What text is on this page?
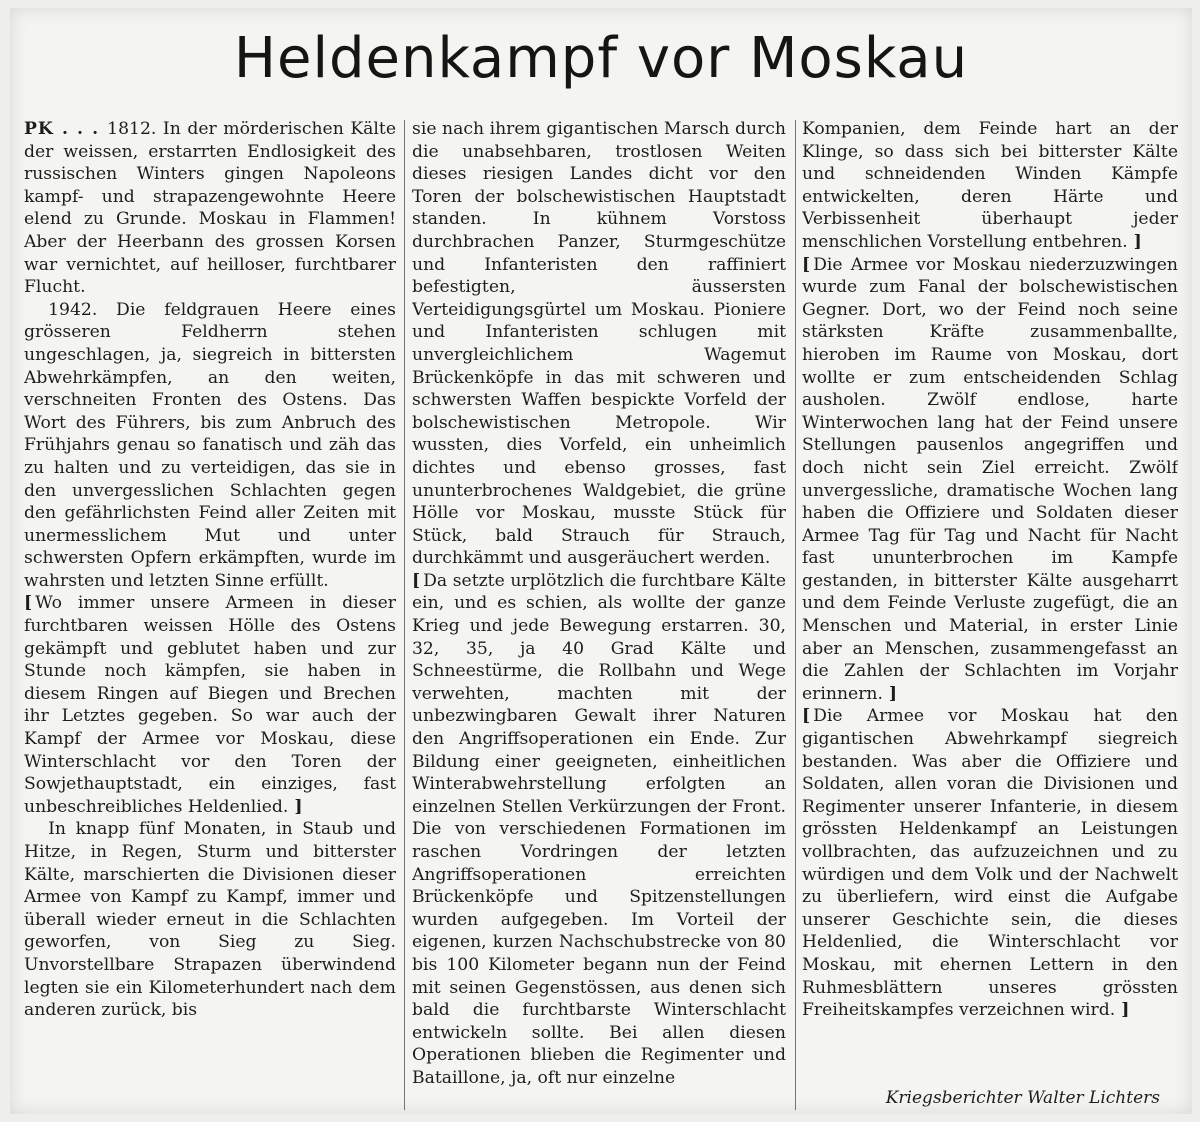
Heldenkampf vor Moskau

PK . . . 1812. In der mörderischen Kälte der weissen, erstarrten Endlosigkeit des russischen Winters gingen Napoleons kampf- und strapazengewohnte Heere elend zu Grunde. Moskau in Flammen! Aber der Heerbann des grossen Korsen war vernichtet, auf heilloser, furchtbarer Flucht.

1942. Die feldgrauen Heere eines grösseren Feldherrn stehen ungeschlagen, ja, siegreich in bittersten Abwehrkämpfen, an den weiten, verschneiten Fronten des Ostens. Das Wort des Führers, bis zum Anbruch des Frühjahrs genau so fanatisch und zäh das zu halten und zu verteidigen, das sie in den unvergesslichen Schlachten gegen den gefährlichsten Feind aller Zeiten mit unermesslichem Mut und unter schwersten Opfern erkämpften, wurde im wahrsten und letzten Sinne erfüllt.

[ Wo immer unsere Armeen in dieser furchtbaren weissen Hölle des Ostens gekämpft und geblutet haben und zur Stunde noch kämpfen, sie haben in diesem Ringen auf Biegen und Brechen ihr Letztes gegeben. So war auch der Kampf der Armee vor Moskau, diese Winterschlacht vor den Toren der Sowjethauptstadt, ein einziges, fast unbeschreibliches Heldenlied. ]

In knapp fünf Monaten, in Staub und Hitze, in Regen, Sturm und bitterster Kälte, marschierten die Divisionen dieser Armee von Kampf zu Kampf, immer und überall wieder erneut in die Schlachten geworfen, von Sieg zu Sieg. Unvorstellbare Strapazen überwindend legten sie ein Kilometerhundert nach dem anderen zurück, bis

sie nach ihrem gigantischen Marsch durch die unabsehbaren, trostlosen Weiten dieses riesigen Landes dicht vor den Toren der bolschewistischen Hauptstadt standen. In kühnem Vorstoss durchbrachen Panzer, Sturmgeschütze und Infanteristen den raffiniert befestigten, äussersten Verteidigungsgürtel um Moskau. Pioniere und Infanteristen schlugen mit unvergleichlichem Wagemut Brückenköpfe in das mit schweren und schwersten Waffen bespickte Vorfeld der bolschewistischen Metropole. Wir wussten, dies Vorfeld, ein unheimlich dichtes und ebenso grosses, fast ununterbrochenes Waldgebiet, die grüne Hölle vor Moskau, musste Stück für Stück, bald Strauch für Strauch, durchkämmt und ausgeräuchert werden.

[ Da setzte urplötzlich die furchtbare Kälte ein, und es schien, als wollte der ganze Krieg und jede Bewegung erstarren. 30, 32, 35, ja 40 Grad Kälte und Schneestürme, die Rollbahn und Wege verwehten, machten mit der unbezwingbaren Gewalt ihrer Naturen den Angriffsoperationen ein Ende. Zur Bildung einer geeigneten, einheitlichen Winterabwehrstellung erfolgten an einzelnen Stellen Verkürzungen der Front. Die von verschiedenen Formationen im raschen Vordringen der letzten Angriffsoperationen erreichten Brückenköpfe und Spitzenstellungen wurden aufgegeben. Im Vorteil der eigenen, kurzen Nachschubstrecke von 80 bis 100 Kilometer begann nun der Feind mit seinen Gegenstössen, aus denen sich bald die furchtbarste Winterschlacht entwickeln sollte. Bei allen diesen Operationen blieben die Regimenter und Bataillone, ja, oft nur einzelne

Kompanien, dem Feinde hart an der Klinge, so dass sich bei bitterster Kälte und schneidenden Winden Kämpfe entwickelten, deren Härte und Verbissenheit überhaupt jeder menschlichen Vorstellung entbehren. ]

[ Die Armee vor Moskau niederzuzwingen wurde zum Fanal der bolschewistischen Gegner. Dort, wo der Feind noch seine stärksten Kräfte zusammenballte, hieroben im Raume von Moskau, dort wollte er zum entscheidenden Schlag ausholen. Zwölf endlose, harte Winterwochen lang hat der Feind unsere Stellungen pausenlos angegriffen und doch nicht sein Ziel erreicht. Zwölf unvergessliche, dramatische Wochen lang haben die Offiziere und Soldaten dieser Armee Tag für Tag und Nacht für Nacht fast ununterbrochen im Kampfe gestanden, in bitterster Kälte ausgeharrt und dem Feinde Verluste zugefügt, die an Menschen und Material, in erster Linie aber an Menschen, zusammengefasst an die Zahlen der Schlachten im Vorjahr erinnern. ]

[ Die Armee vor Moskau hat den gigantischen Abwehrkampf siegreich bestanden. Was aber die Offiziere und Soldaten, allen voran die Divisionen und Regimenter unserer Infanterie, in diesem grössten Heldenkampf an Leistungen vollbrachten, das aufzuzeichnen und zu würdigen und dem Volk und der Nachwelt zu überliefern, wird einst die Aufgabe unserer Geschichte sein, die dieses Heldenlied, die Winterschlacht vor Moskau, mit ehernen Lettern in den Ruhmesblättern unseres grössten Freiheitskampfes verzeichnen wird. ]

Kriegsberichter Walter Lichters
